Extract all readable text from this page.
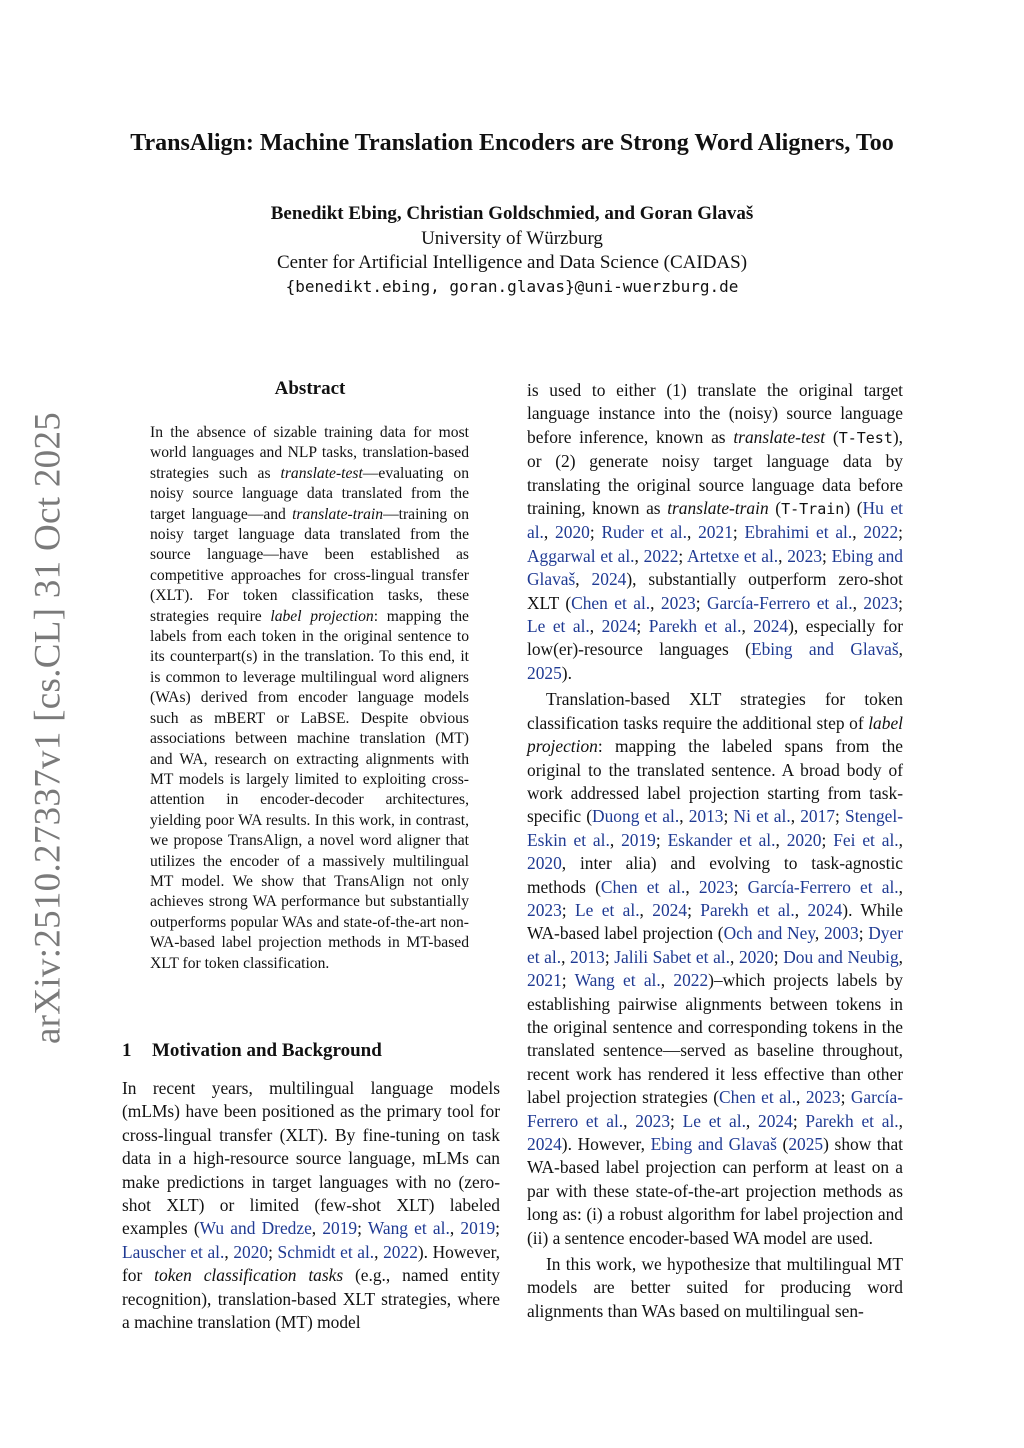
arXiv:2510.27337v1 [cs.CL] 31 Oct 2025
TransAlign: Machine Translation Encoders are Strong Word Aligners, Too

Benedikt Ebing, Christian Goldschmied, and Goran Glavaš

University of Würzburg

Center for Artificial Intelligence and Data Science (CAIDAS)

{benedikt.ebing, goran.glavas}@uni-wuerzburg.de
Abstract

In the absence of sizable training data for most world languages and NLP tasks, translation-based strategies such as translate-test—evaluating on noisy source language data translated from the target language—and translate-train—training on noisy target language data translated from the source language—have been established as competitive approaches for cross-lingual transfer (XLT). For token classification tasks, these strategies require label projection: mapping the labels from each token in the original sentence to its counterpart(s) in the translation. To this end, it is common to leverage multilingual word aligners (WAs) derived from encoder language models such as mBERT or LaBSE. Despite obvious associations between machine translation (MT) and WA, research on extracting alignments with MT models is largely limited to exploiting cross-attention in encoder-decoder architectures, yielding poor WA results. In this work, in contrast, we propose TransAlign, a novel word aligner that utilizes the encoder of a massively multilingual MT model. We show that TransAlign not only achieves strong WA performance but substantially outperforms popular WAs and state-of-the-art non-WA-based label projection methods in MT-based XLT for token classification.

1 Motivation and Background

In recent years, multilingual language models (mLMs) have been positioned as the primary tool for cross-lingual transfer (XLT). By fine-tuning on task data in a high-resource source language, mLMs can make predictions in target languages with no (zero-shot XLT) or limited (few-shot XLT) labeled examples (Wu and Dredze, 2019; Wang et al., 2019; Lauscher et al., 2020; Schmidt et al., 2022). However, for token classification tasks (e.g., named entity recognition), translation-based XLT strategies, where a machine translation (MT) model

is used to either (1) translate the original target language instance into the (noisy) source language before inference, known as translate-test (T-Test), or (2) generate noisy target language data by translating the original source language data before training, known as translate-train (T-Train) (Hu et al., 2020; Ruder et al., 2021; Ebrahimi et al., 2022; Aggarwal et al., 2022; Artetxe et al., 2023; Ebing and Glavaš, 2024), substantially outperform zero-shot XLT (Chen et al., 2023; García-Ferrero et al., 2023; Le et al., 2024; Parekh et al., 2024), especially for low(er)-resource languages (Ebing and Glavaš, 2025).

Translation-based XLT strategies for token classification tasks require the additional step of label projection: mapping the labeled spans from the original to the translated sentence. A broad body of work addressed label projection starting from task-specific (Duong et al., 2013; Ni et al., 2017; Stengel-Eskin et al., 2019; Eskander et al., 2020; Fei et al., 2020, inter alia) and evolving to task-agnostic methods (Chen et al., 2023; García-Ferrero et al., 2023; Le et al., 2024; Parekh et al., 2024). While WA-based label projection (Och and Ney, 2003; Dyer et al., 2013; Jalili Sabet et al., 2020; Dou and Neubig, 2021; Wang et al., 2022)–which projects labels by establishing pairwise alignments between tokens in the original sentence and corresponding tokens in the translated sentence—served as baseline throughout, recent work has rendered it less effective than other label projection strategies (Chen et al., 2023; García-Ferrero et al., 2023; Le et al., 2024; Parekh et al., 2024). However, Ebing and Glavaš (2025) show that WA-based label projection can perform at least on a par with these state-of-the-art projection methods as long as: (i) a robust algorithm for label projection and (ii) a sentence encoder-based WA model are used.

In this work, we hypothesize that multilingual MT models are better suited for producing word alignments than WAs based on multilingual sen-
